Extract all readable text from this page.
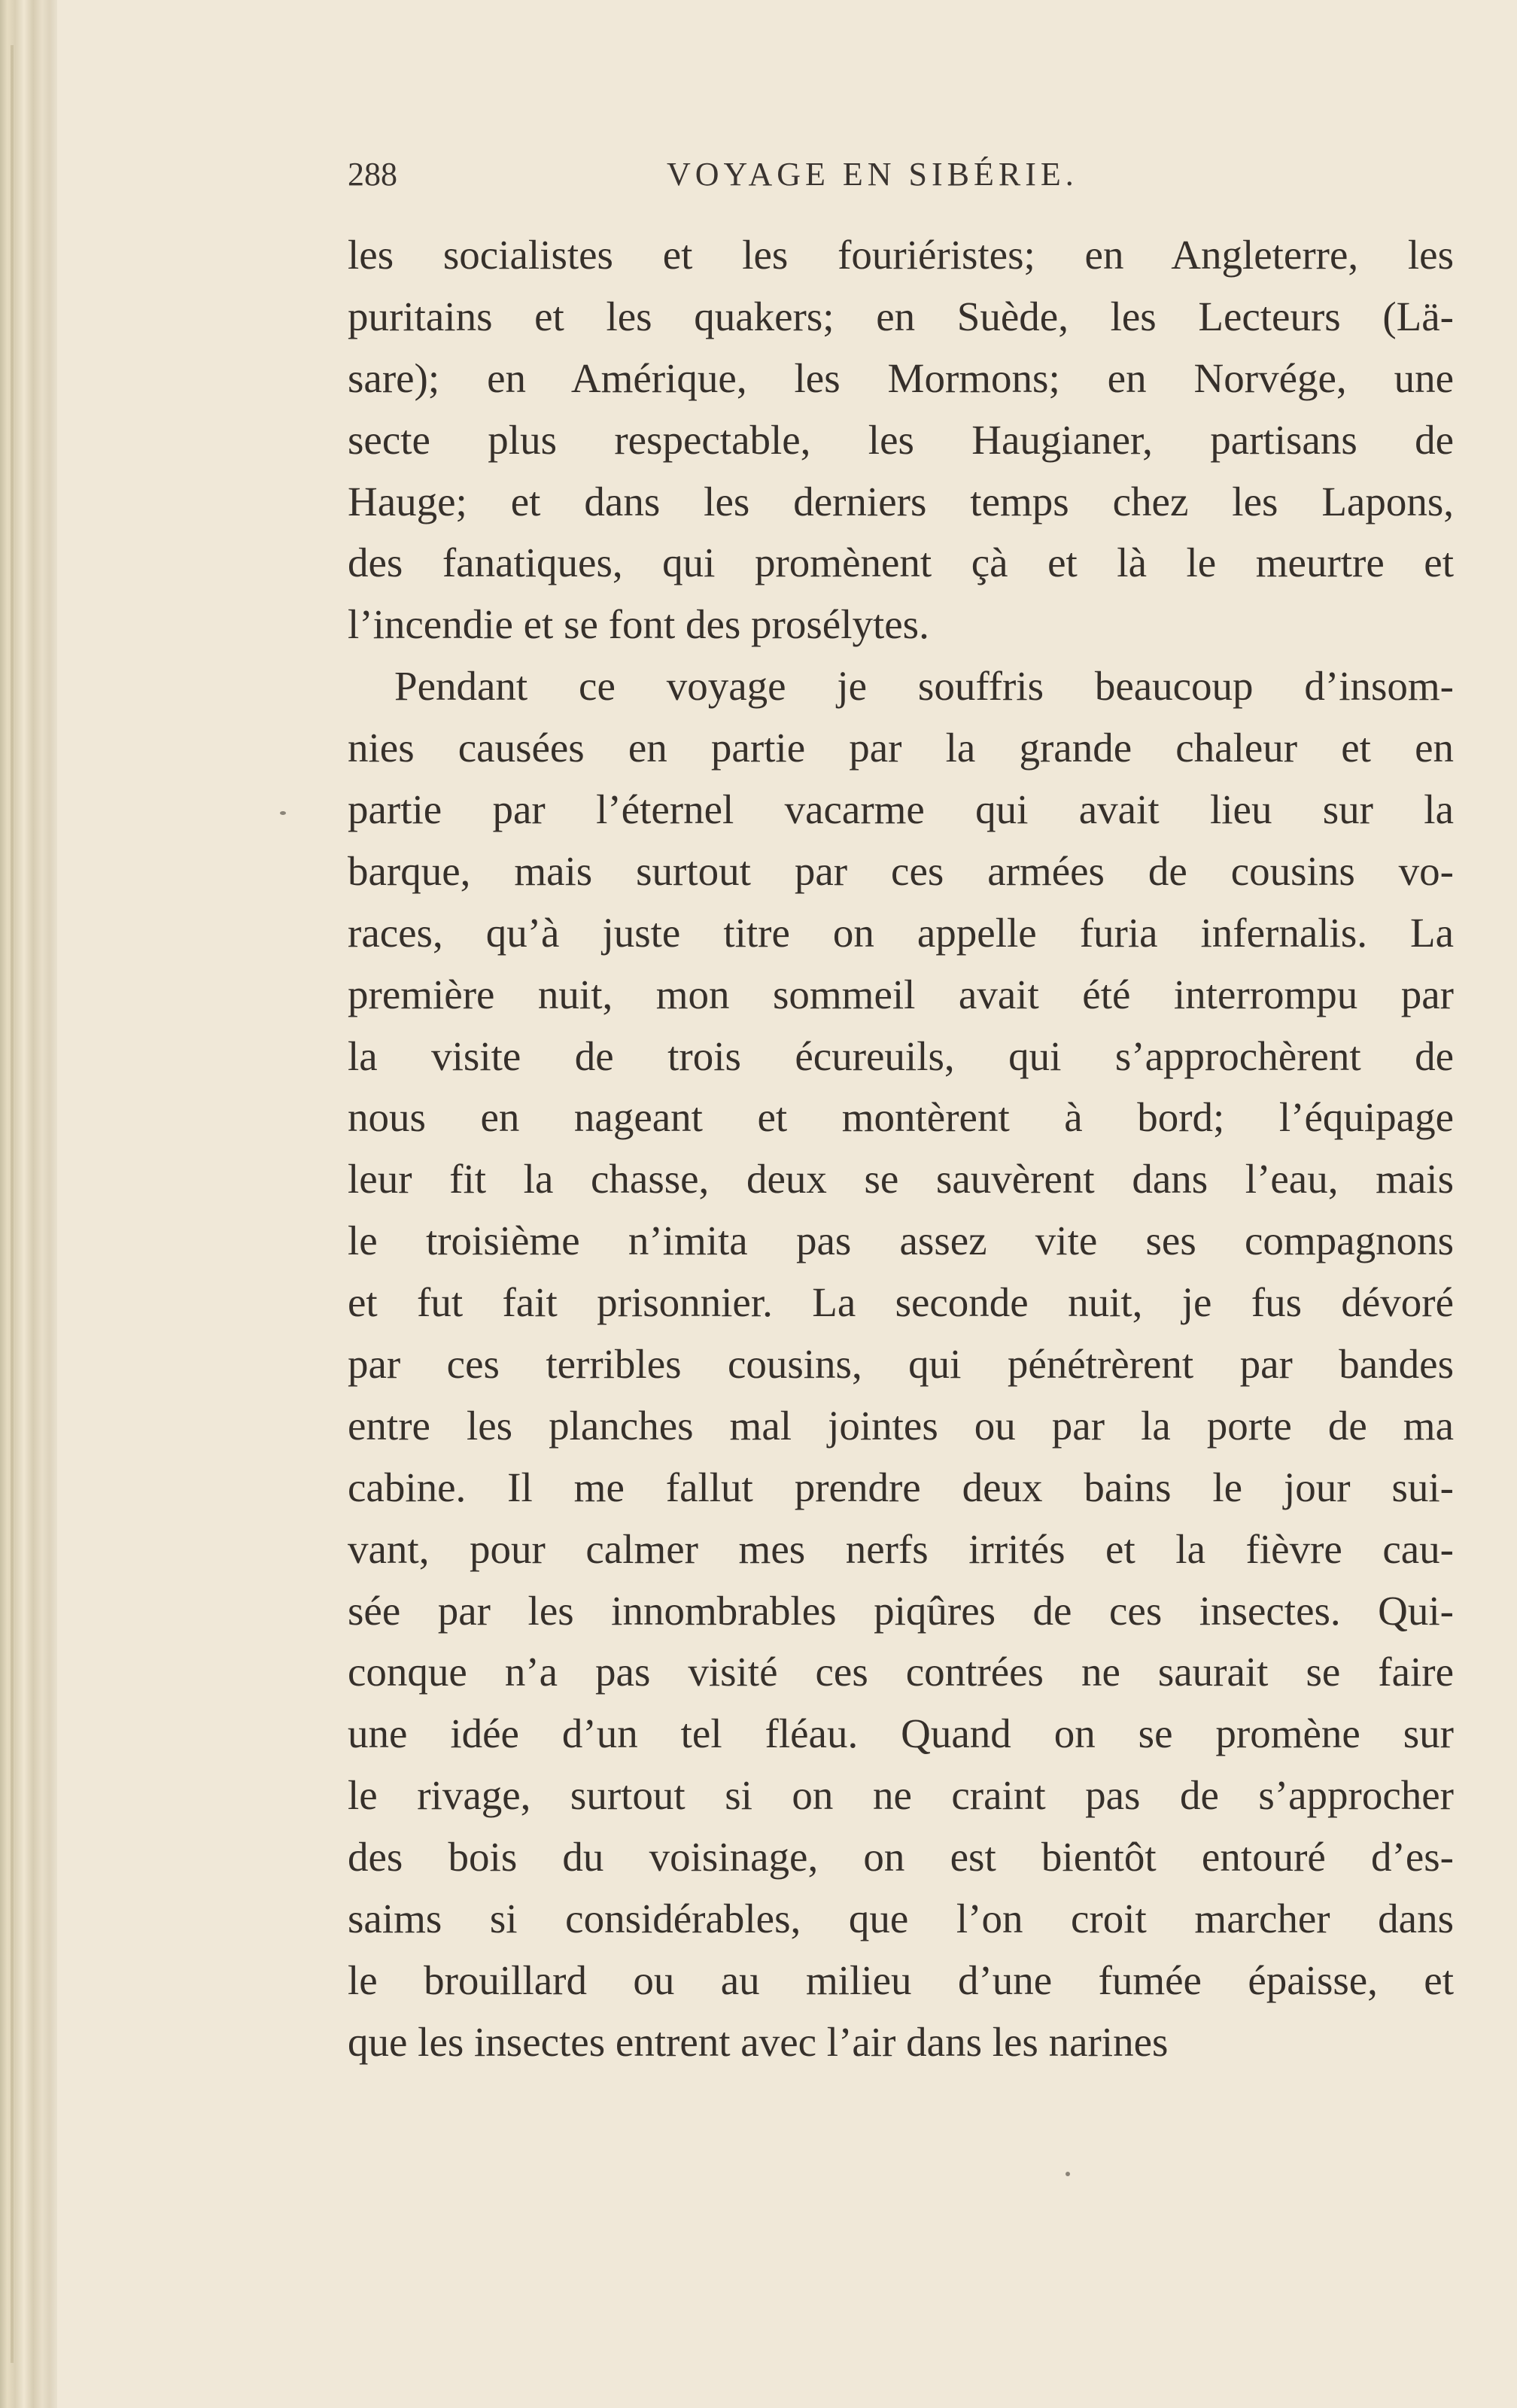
288	VOYAGE EN SIBÉRIE.

les socialistes et les fouriéristes; en Angleterre, les
puritains et les quakers; en Suède, les Lecteurs (Lä-
sare); en Amérique, les Mormons; en Norvége, une
secte plus respectable, les Haugianer, partisans de
Hauge; et dans les derniers temps chez les Lapons,
des fanatiques, qui promènent çà et là le meurtre et
l’incendie et se font des prosélytes.

Pendant ce voyage je souffris beaucoup d’insom-
nies causées en partie par la grande chaleur et en
partie par l’éternel vacarme qui avait lieu sur la
barque, mais surtout par ces armées de cousins vo-
races, qu’à juste titre on appelle furia infernalis. La
première nuit, mon sommeil avait été interrompu par
la visite de trois écureuils, qui s’approchèrent de
nous en nageant et montèrent à bord; l’équipage
leur fit la chasse, deux se sauvèrent dans l’eau, mais
le troisième n’imita pas assez vite ses compagnons
et fut fait prisonnier. La seconde nuit, je fus dévoré
par ces terribles cousins, qui pénétrèrent par bandes
entre les planches mal jointes ou par la porte de ma
cabine. Il me fallut prendre deux bains le jour sui-
vant, pour calmer mes nerfs irrités et la fièvre cau-
sée par les innombrables piqûres de ces insectes. Qui-
conque n’a pas visité ces contrées ne saurait se faire
une idée d’un tel fléau. Quand on se promène sur
le rivage, surtout si on ne craint pas de s’approcher
des bois du voisinage, on est bientôt entouré d’es-
saims si considérables, que l’on croit marcher dans
le brouillard ou au milieu d’une fumée épaisse, et
que les insectes entrent avec l’air dans les narines
